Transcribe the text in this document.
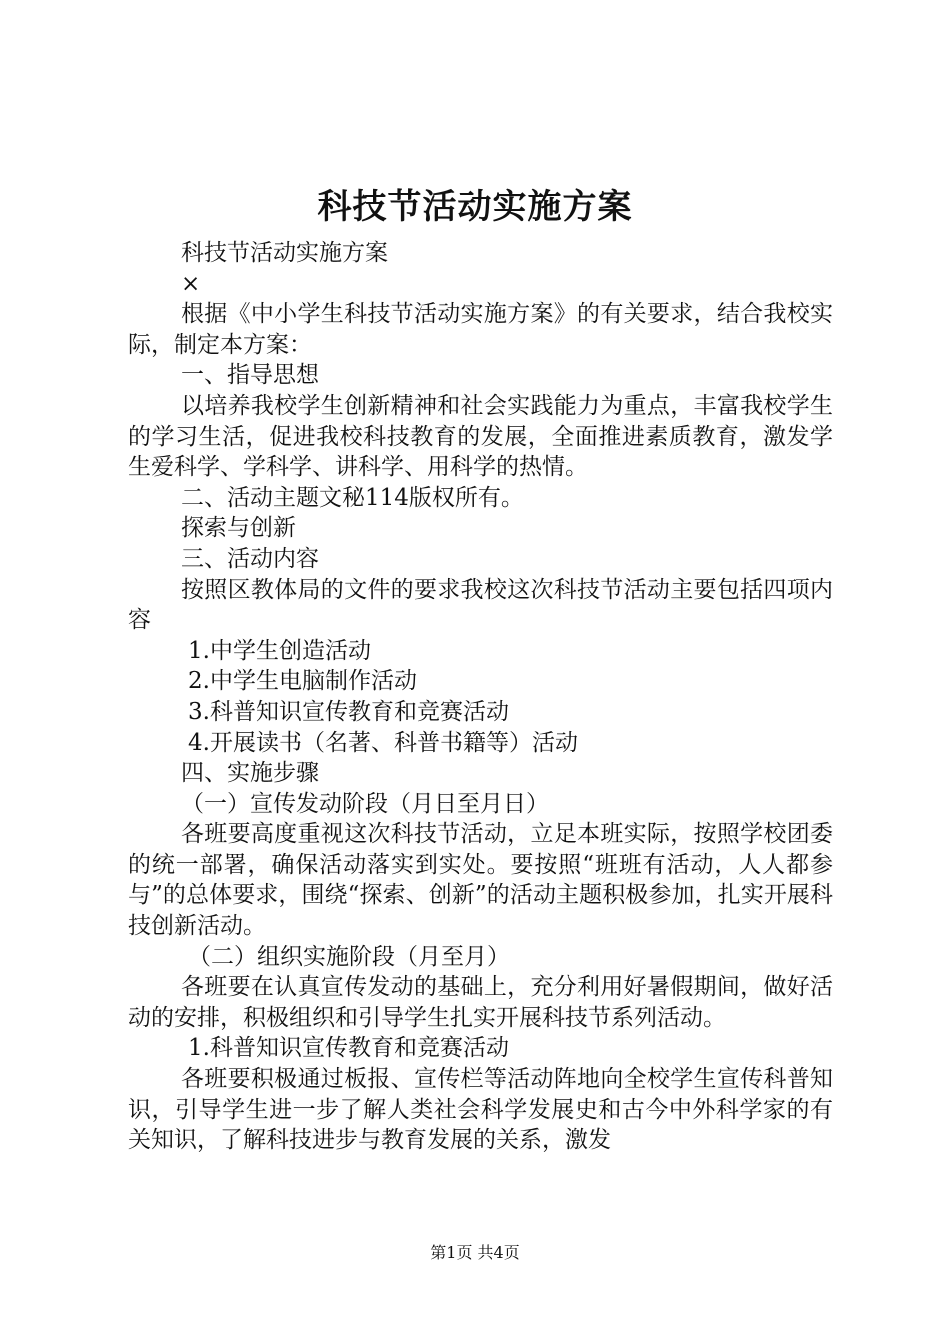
科技节活动实施方案

科技节活动实施方案

×

根据《中小学生科技节活动实施方案》的有关要求，结合我校实际，制定本方案：

一、指导思想

以培养我校学生创新精神和社会实践能力为重点，丰富我校学生的学习生活，促进我校科技教育的发展，全面推进素质教育，激发学生爱科学、学科学、讲科学、用科学的热情。

二、活动主题文秘114版权所有。

探索与创新

三、活动内容

按照区教体局的文件的要求我校这次科技节活动主要包括四项内容

1.中学生创造活动

2.中学生电脑制作活动

3.科普知识宣传教育和竞赛活动

4.开展读书（名著、科普书籍等）活动

四、实施步骤

（一）宣传发动阶段（月日至月日）

各班要高度重视这次科技节活动，立足本班实际，按照学校团委的统一部署，确保活动落实到实处。要按照“班班有活动，人人都参与”的总体要求，围绕“探索、创新”的活动主题积极参加，扎实开展科技创新活动。

（二）组织实施阶段（月至月）

各班要在认真宣传发动的基础上，充分利用好暑假期间，做好活动的安排，积极组织和引导学生扎实开展科技节系列活动。

1.科普知识宣传教育和竞赛活动

各班要积极通过板报、宣传栏等活动阵地向全校学生宣传科普知识，引导学生进一步了解人类社会科学发展史和古今中外科学家的有关知识，了解科技进步与教育发展的关系，激发

第1页 共4页
